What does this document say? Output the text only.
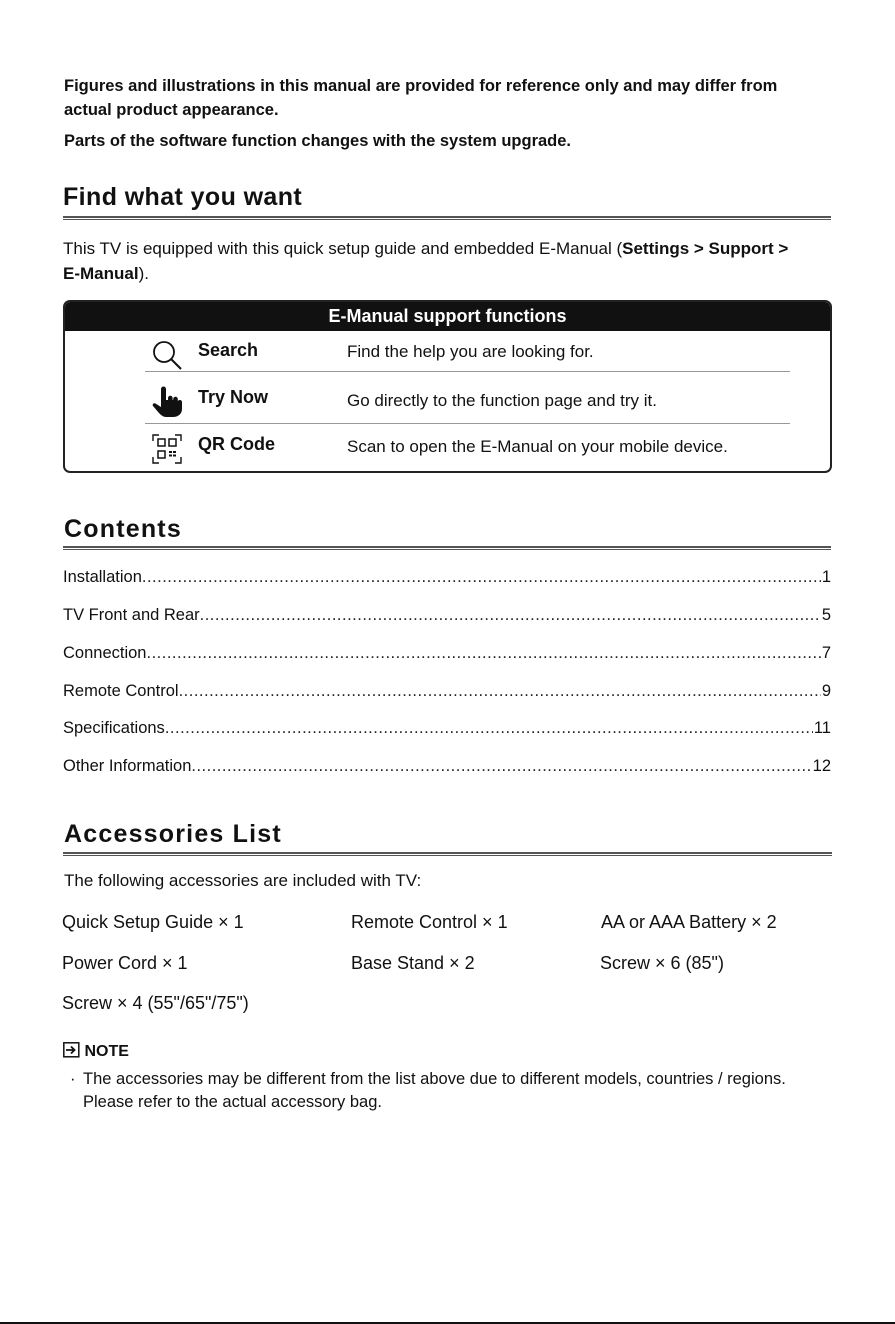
Figures and illustrations in this manual are provided for reference only and may differ from actual product appearance.
Parts of the software function changes with the system upgrade.
Find what you want
This TV is equipped with this quick setup guide and embedded E-Manual (Settings > Support > E-Manual).
E-Manual support functions
Search	Find the help you are looking for.
Try Now	Go directly to the function page and try it.
QR Code	Scan to open the E-Manual on your mobile device.
Contents
Installation .....	1
TV Front and Rear .....	5
Connection .....	7
Remote Control .....	9
Specifications .....	11
Other Information .....	12
Accessories List
The following accessories are included with TV:
Quick Setup Guide × 1	Remote Control × 1	AA or AAA Battery × 2
Power Cord × 1	Base Stand × 2	Screw × 6 (85")
Screw × 4 (55"/65"/75")
NOTE
· The accessories may be different from the list above due to different models, countries / regions. Please refer to the actual accessory bag.
